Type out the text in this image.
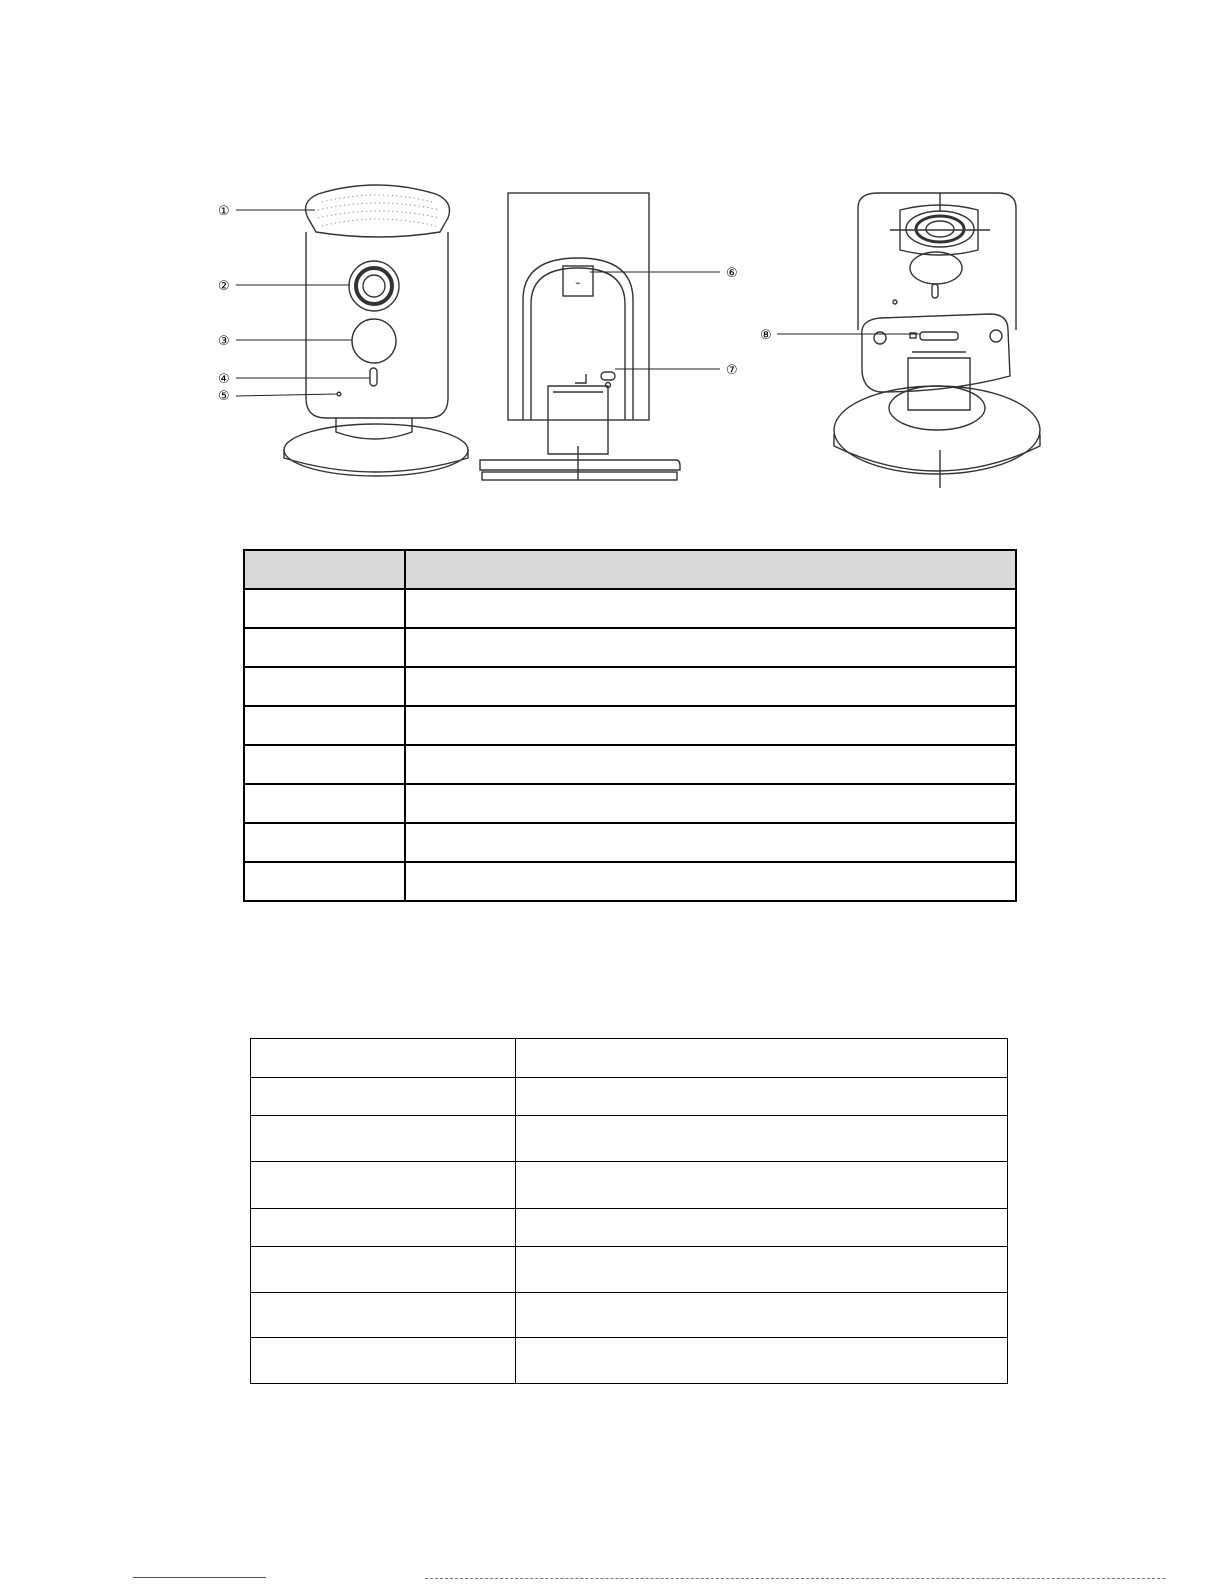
⌁
①
②
③
④
⑤
⑥
⑦
⑧
